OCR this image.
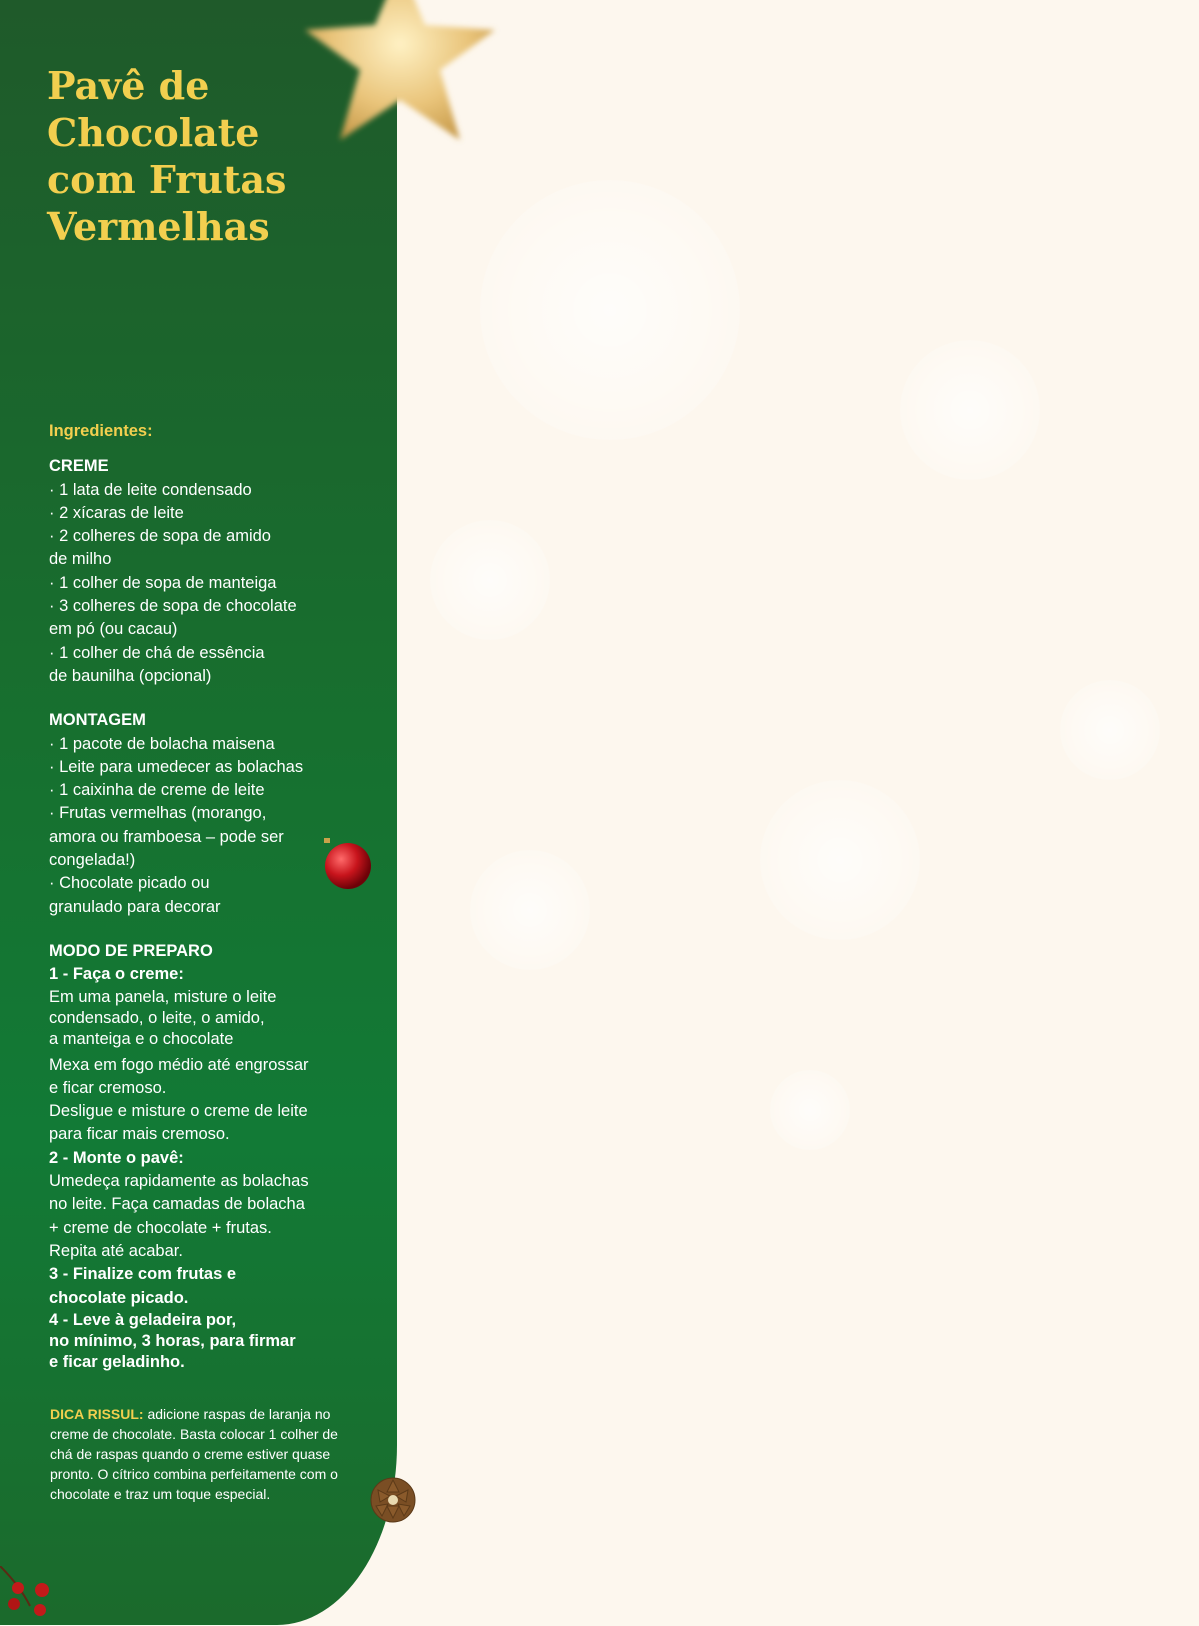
Pavê de
Chocolate
com Frutas
Vermelhas
Ingredientes:
CREME
· 1 lata de leite condensado
· 2 xícaras de leite
· 2 colheres de sopa de amido
de milho
· 1 colher de sopa de manteiga
· 3 colheres de sopa de chocolate
em pó (ou cacau)
· 1 colher de chá de essência
de baunilha (opcional)
MONTAGEM
· 1 pacote de bolacha maisena
· Leite para umedecer as bolachas
· 1 caixinha de creme de leite
· Frutas vermelhas (morango,
amora ou framboesa – pode ser
congelada!)
· Chocolate picado ou
granulado para decorar
MODO DE PREPARO
1 - Faça o creme:
Em uma panela, misture o leite
condensado, o leite, o amido,
a manteiga e o chocolate
Mexa em fogo médio até engrossar
e ficar cremoso.
Desligue e misture o creme de leite
para ficar mais cremoso.
2 - Monte o pavê:
Umedeça rapidamente as bolachas
no leite. Faça camadas de bolacha
+ creme de chocolate + frutas.
Repita até acabar.
3 - Finalize com frutas e
chocolate picado.
4 - Leve à geladeira por,
no mínimo, 3 horas, para firmar
e ficar geladinho.
DICA RISSUL: adicione raspas de laranja no creme de chocolate. Basta colocar 1 colher de chá de raspas quando o creme estiver quase pronto. O cítrico combina perfeitamente com o chocolate e traz um toque especial.
